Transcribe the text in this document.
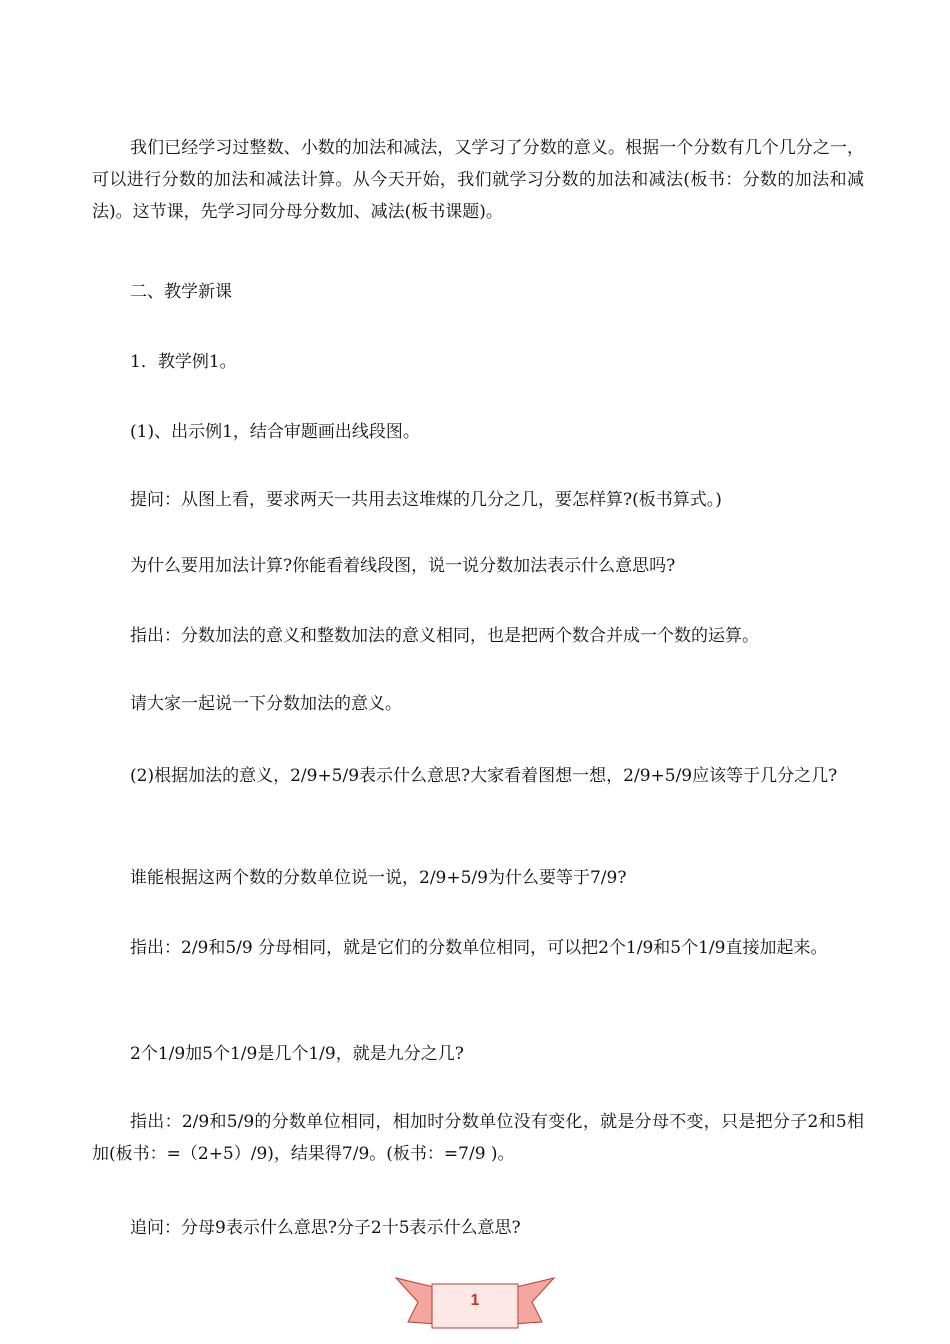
我们已经学习过整数、小数的加法和减法，又学习了分数的意义。根据一个分数有几个几分之一，可以进行分数的加法和减法计算。从今天开始，我们就学习分数的加法和减法(板书：分数的加法和减法)。这节课，先学习同分母分数加、减法(板书课题)。

二、教学新课

1．教学例1。

(1)、出示例1，结合审题画出线段图。

提问：从图上看，要求两天一共用去这堆煤的几分之几，要怎样算?(板书算式。)

为什么要用加法计算?你能看着线段图，说一说分数加法表示什么意思吗?

指出：分数加法的意义和整数加法的意义相同，也是把两个数合并成一个数的运算。

请大家一起说一下分数加法的意义。

(2)根据加法的意义，2/9+5/9表示什么意思?大家看着图想一想，2/9+5/9应该等于几分之几?

谁能根据这两个数的分数单位说一说，2/9+5/9为什么要等于7/9?

指出：2/9和5/9 分母相同，就是它们的分数单位相同，可以把2个1/9和5个1/9直接加起来。

2个1/9加5个1/9是几个1/9，就是九分之几?

指出：2/9和5/9的分数单位相同，相加时分数单位没有变化，就是分母不变，只是把分子2和5相加(板书：=（2+5）/9)，结果得7/9。(板书：=7/9 )。

追问：分母9表示什么意思?分子2十5表示什么意思?

1
